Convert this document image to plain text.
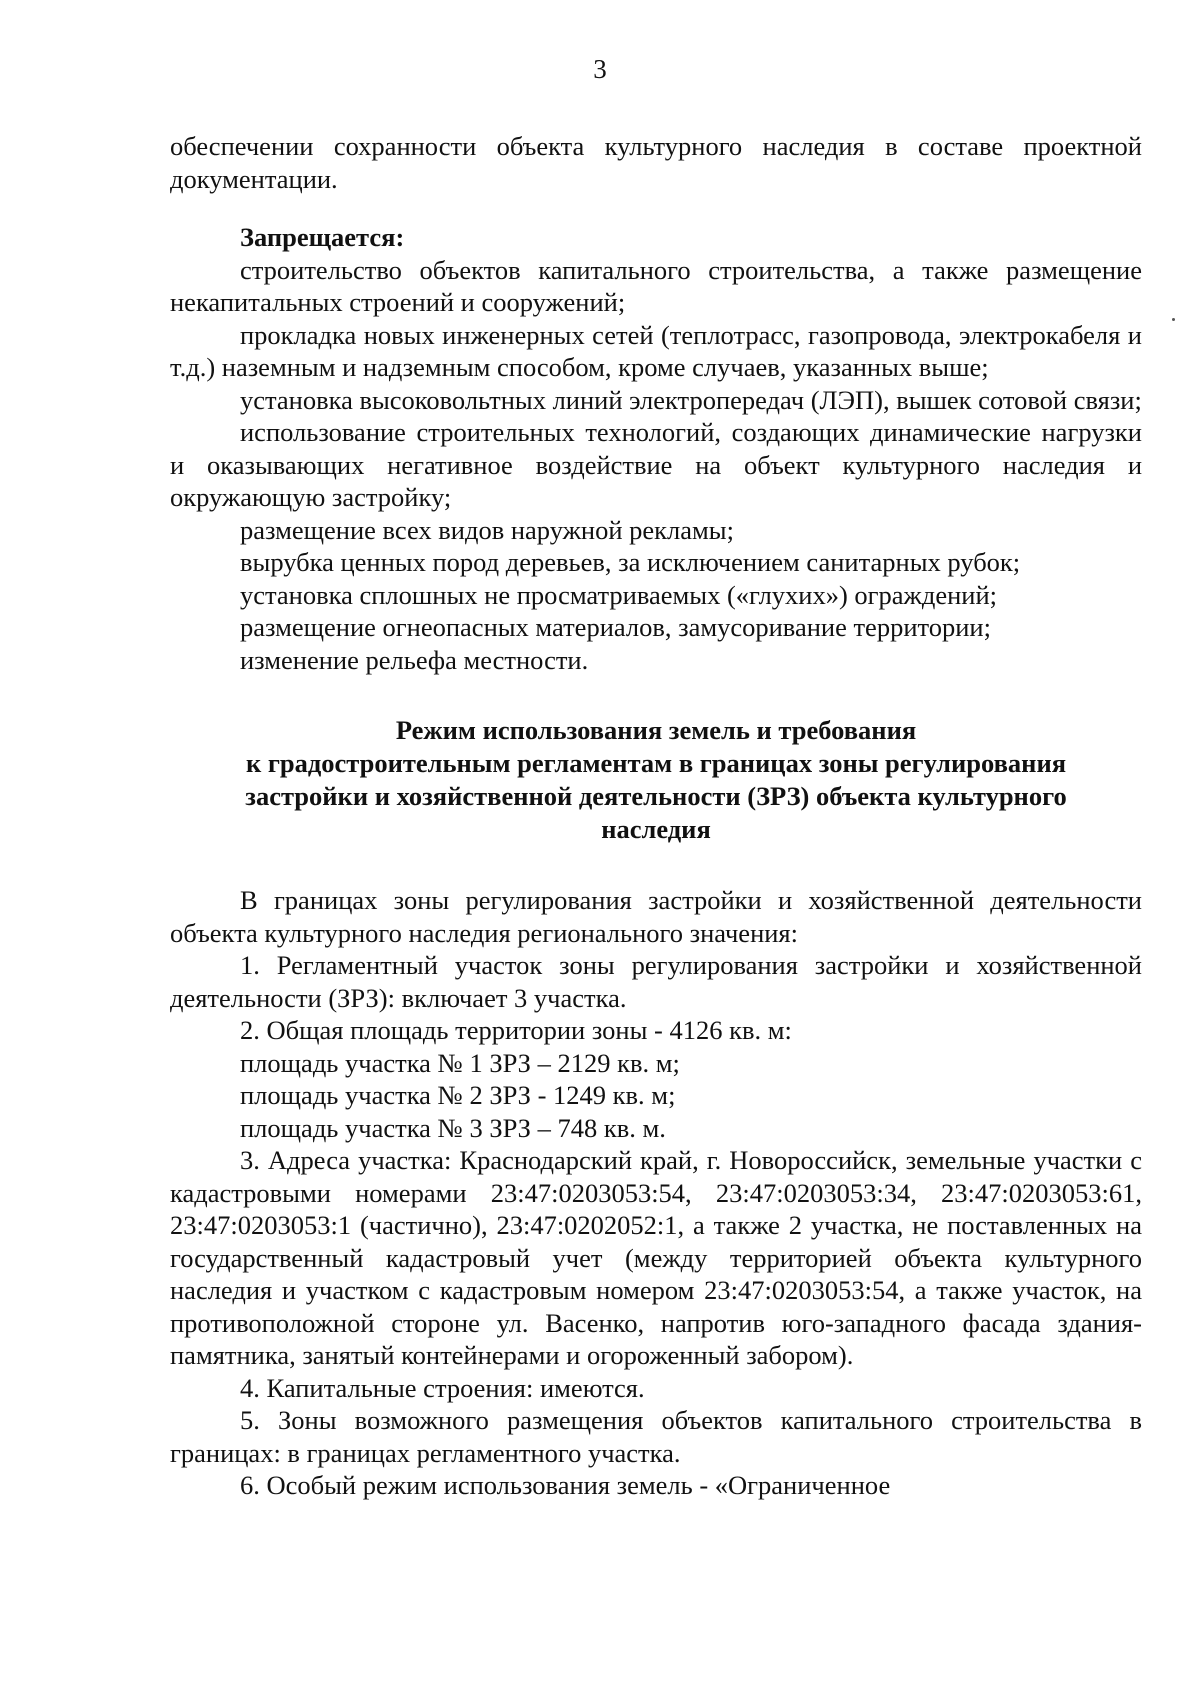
3

обеспечении сохранности объекта культурного наследия в составе проектной документации.

Запрещается:

строительство объектов капитального строительства, а также размещение некапитальных строений и сооружений;

прокладка новых инженерных сетей (теплотрасс, газопровода, электрокабеля и т.д.) наземным и надземным способом, кроме случаев, указанных выше;

установка высоковольтных линий электропередач (ЛЭП), вышек сотовой связи;

использование строительных технологий, создающих динамические нагрузки и оказывающих негативное воздействие на объект культурного наследия и окружающую застройку;

размещение всех видов наружной рекламы;

вырубка ценных пород деревьев, за исключением санитарных рубок;

установка сплошных не просматриваемых («глухих») ограждений;

размещение огнеопасных материалов, замусоривание территории;

изменение рельефа местности.

Режим использования земель и требования
к градостроительным регламентам в границах зоны регулирования
застройки и хозяйственной деятельности (ЗРЗ) объекта культурного
наследия

В границах зоны регулирования застройки и хозяйственной деятельности объекта культурного наследия регионального значения:

1. Регламентный участок зоны регулирования застройки и хозяйственной деятельности (ЗРЗ): включает 3 участка.

2. Общая площадь территории зоны - 4126 кв. м:

площадь участка № 1 ЗРЗ – 2129 кв. м;

площадь участка № 2 ЗРЗ - 1249 кв. м;

площадь участка № 3 ЗРЗ – 748 кв. м.

3. Адреса участка: Краснодарский край, г. Новороссийск, земельные участки с кадастровыми номерами 23:47:0203053:54, 23:47:0203053:34, 23:47:0203053:61, 23:47:0203053:1 (частично), 23:47:0202052:1, а также 2 участка, не поставленных на государственный кадастровый учет (между территорией объекта культурного наследия и участком с кадастровым номером 23:47:0203053:54, а также участок, на противоположной стороне ул. Васенко, напротив юго-западного фасада здания-памятника, занятый контейнерами и огороженный забором).

4. Капитальные строения: имеются.

5. Зоны возможного размещения объектов капитального строительства в границах: в границах регламентного участка.

6. Особый режим использования земель - «Ограниченное
